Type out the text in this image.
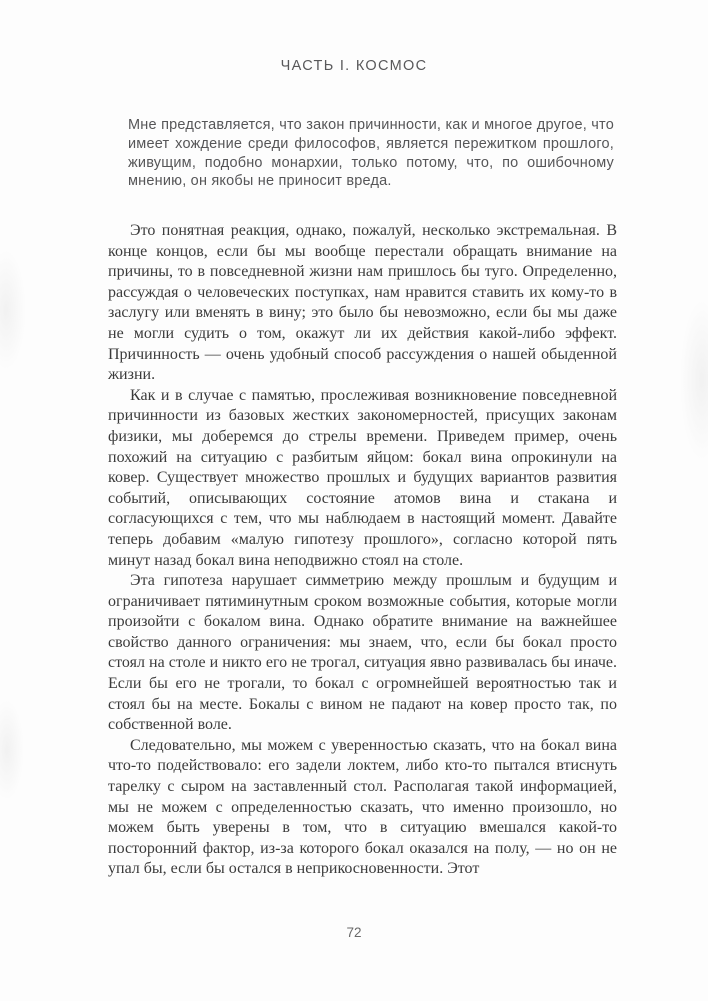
ЧАСТЬ I. КОСМОС
Мне представляется, что закон причинности, как и многое другое, что имеет хождение среди философов, является пережитком прошлого, живущим, подобно монархии, только потому, что, по ошибочному мнению, он якобы не приносит вреда.

Это понятная реакция, однако, пожалуй, несколько экстремальная. В конце концов, если бы мы вообще перестали обращать внимание на причины, то в повседневной жизни нам пришлось бы туго. Определенно, рассуждая о человеческих поступках, нам нравится ставить их кому-то в заслугу или вменять в вину; это было бы невозможно, если бы мы даже не могли судить о том, окажут ли их действия какой-либо эффект. Причинность — очень удобный способ рассуждения о нашей обыденной жизни.

Как и в случае с памятью, прослеживая возникновение повседневной причинности из базовых жестких закономерностей, присущих законам физики, мы доберемся до стрелы времени. Приведем пример, очень похожий на ситуацию с разбитым яйцом: бокал вина опрокинули на ковер. Существует множество прошлых и будущих вариантов развития событий, описывающих состояние атомов вина и стакана и согласующихся с тем, что мы наблюдаем в настоящий момент. Давайте теперь добавим «малую гипотезу прошлого», согласно которой пять минут назад бокал вина неподвижно стоял на столе.

Эта гипотеза нарушает симметрию между прошлым и будущим и ограничивает пятиминутным сроком возможные события, которые могли произойти с бокалом вина. Однако обратите внимание на важнейшее свойство данного ограничения: мы знаем, что, если бы бокал просто стоял на столе и никто его не трогал, ситуация явно развивалась бы иначе. Если бы его не трогали, то бокал с огромнейшей вероятностью так и стоял бы на месте. Бокалы с вином не падают на ковер просто так, по собственной воле.

Следовательно, мы можем с уверенностью сказать, что на бокал вина что-то подействовало: его задели локтем, либо кто-то пытался втиснуть тарелку с сыром на заставленный стол. Располагая такой информацией, мы не можем с определенностью сказать, что именно произошло, но можем быть уверены в том, что в ситуацию вмешался какой-то посторонний фактор, из-за которого бокал оказался на полу, — но он не упал бы, если бы остался в неприкосновенности. Этот

72
